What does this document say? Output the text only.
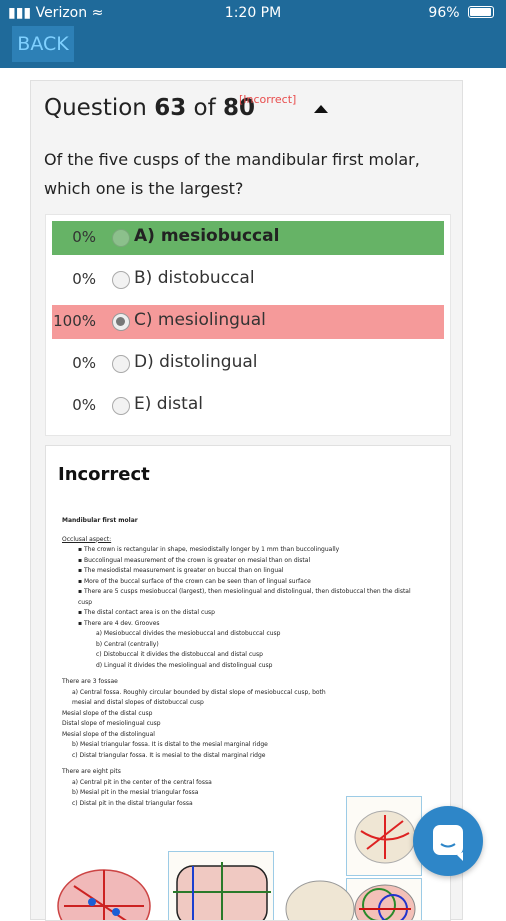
▮▮▮ Verizon ≈	1:20 PM	96%
BACK
Question 63 of 80
[Incorrect]
Of the five cusps of the mandibular first molar, which one is the largest?
0% A) mesiobuccal
0% B) distobuccal
100% C) mesiolingual
0% D) distolingual
0% E) distal
Incorrect
Mandibular first molar
Occlusal aspect:
▪ The crown is rectangular in shape, mesiodistally longer by 1 mm than buccolingually
▪ Buccolingual measurement of the crown is greater on mesial than on distal
▪ The mesiodistal measurement is greater on buccal than on lingual
▪ More of the buccal surface of the crown can be seen than of lingual surface
▪ There are 5 cusps mesiobuccal (largest), then mesiolingual and distolingual, then distobuccal then the distal cusp
▪ The distal contact area is on the distal cusp
▪ There are 4 dev. Grooves
a) Mesiobuccal divides the mesiobuccal and distobuccal cusp
b) Central (centrally)
c) Distobuccal it divides the distobuccal and distal cusp
d) Lingual it divides the mesiolingual and distolingual cusp
There are 3 fossae
a) Central fossa. Roughly circular bounded by distal slope of mesiobuccal cusp, both mesial and distal slopes of distobuccal cusp
Mesial slope of the distal cusp
Distal slope of mesiolingual cusp
Mesial slope of the distolingual
b) Mesial triangular fossa. It is distal to the mesial marginal ridge
c) Distal triangular fossa. It is mesial to the distal marginal ridge
There are eight pits
a) Central pit in the center of the central fossa
b) Mesial pit in the mesial triangular fossa
c) Distal pit in the distal triangular fossa
